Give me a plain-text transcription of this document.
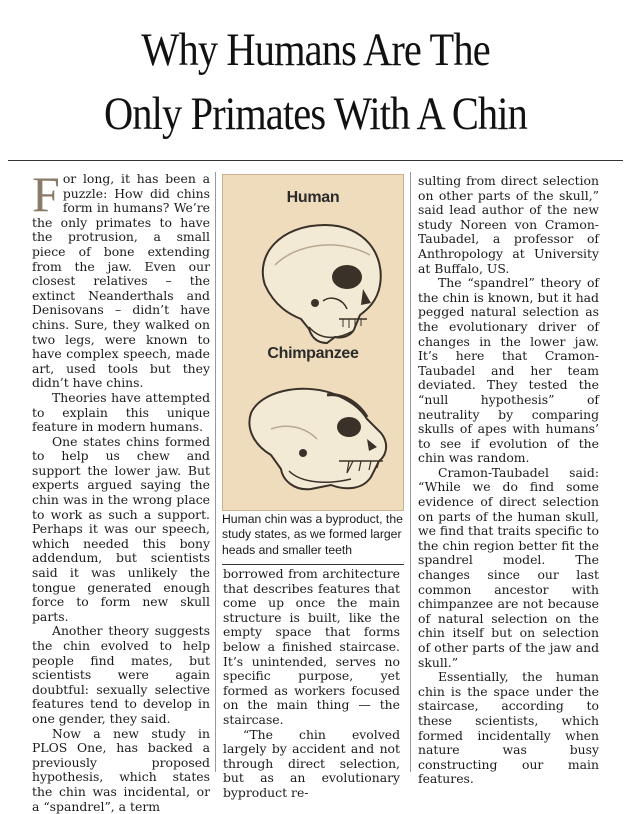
Why Humans Are The
Only Primates With A Chin

For long, it has been a puzzle: How did chins form in humans? We’re the only primates to have the protrusion, a small piece of bone extending from the jaw. Even our closest relatives – the extinct Neanderthals and Denisovans – didn’t have chins. Sure, they walked on two legs, were known to have complex speech, made art, used tools but they didn’t have chins.

Theories have attempted to explain this unique feature in modern humans.

One states chins formed to help us chew and support the lower jaw. But experts argued saying the chin was in the wrong place to work as such a support. Perhaps it was our speech, which needed this bony addendum, but scientists said it was unlikely the tongue generated enough force to form new skull parts.

Another theory suggests the chin evolved to help people find mates, but scientists were again doubtful: sexually selective features tend to develop in one gender, they said.

Now a new study in PLOS One, has backed a previously proposed hypothesis, which states the chin was incidental, or a “spandrel”, a term

Human
Chimpanzee
Human chin was a byproduct, the study states, as we formed larger heads and smaller teeth

borrowed from architecture that describes features that come up once the main structure is built, like the empty space that forms below a finished staircase. It’s unintended, serves no specific purpose, yet formed as workers focused on the main thing — the staircase.

“The chin evolved largely by accident and not through direct selection, but as an evolutionary byproduct re-

sulting from direct selection on other parts of the skull,” said lead author of the new study Noreen von Cramon-Taubadel, a professor of Anthropology at University at Buffalo, US.

The “spandrel” theory of the chin is known, but it had pegged natural selection as the evolutionary driver of changes in the lower jaw. It’s here that Cramon-Taubadel and her team deviated. They tested the “null hypothesis” of neutrality by comparing skulls of apes with humans’ to see if evolution of the chin was random.

Cramon-Taubadel said: “While we do find some evidence of direct selection on parts of the human skull, we find that traits specific to the chin region better fit the spandrel model. The changes since our last common ancestor with chimpanzee are not because of natural selection on the chin itself but on selection of other parts of the jaw and skull.”

Essentially, the human chin is the space under the staircase, according to these scientists, which formed incidentally when nature was busy constructing our main features.
